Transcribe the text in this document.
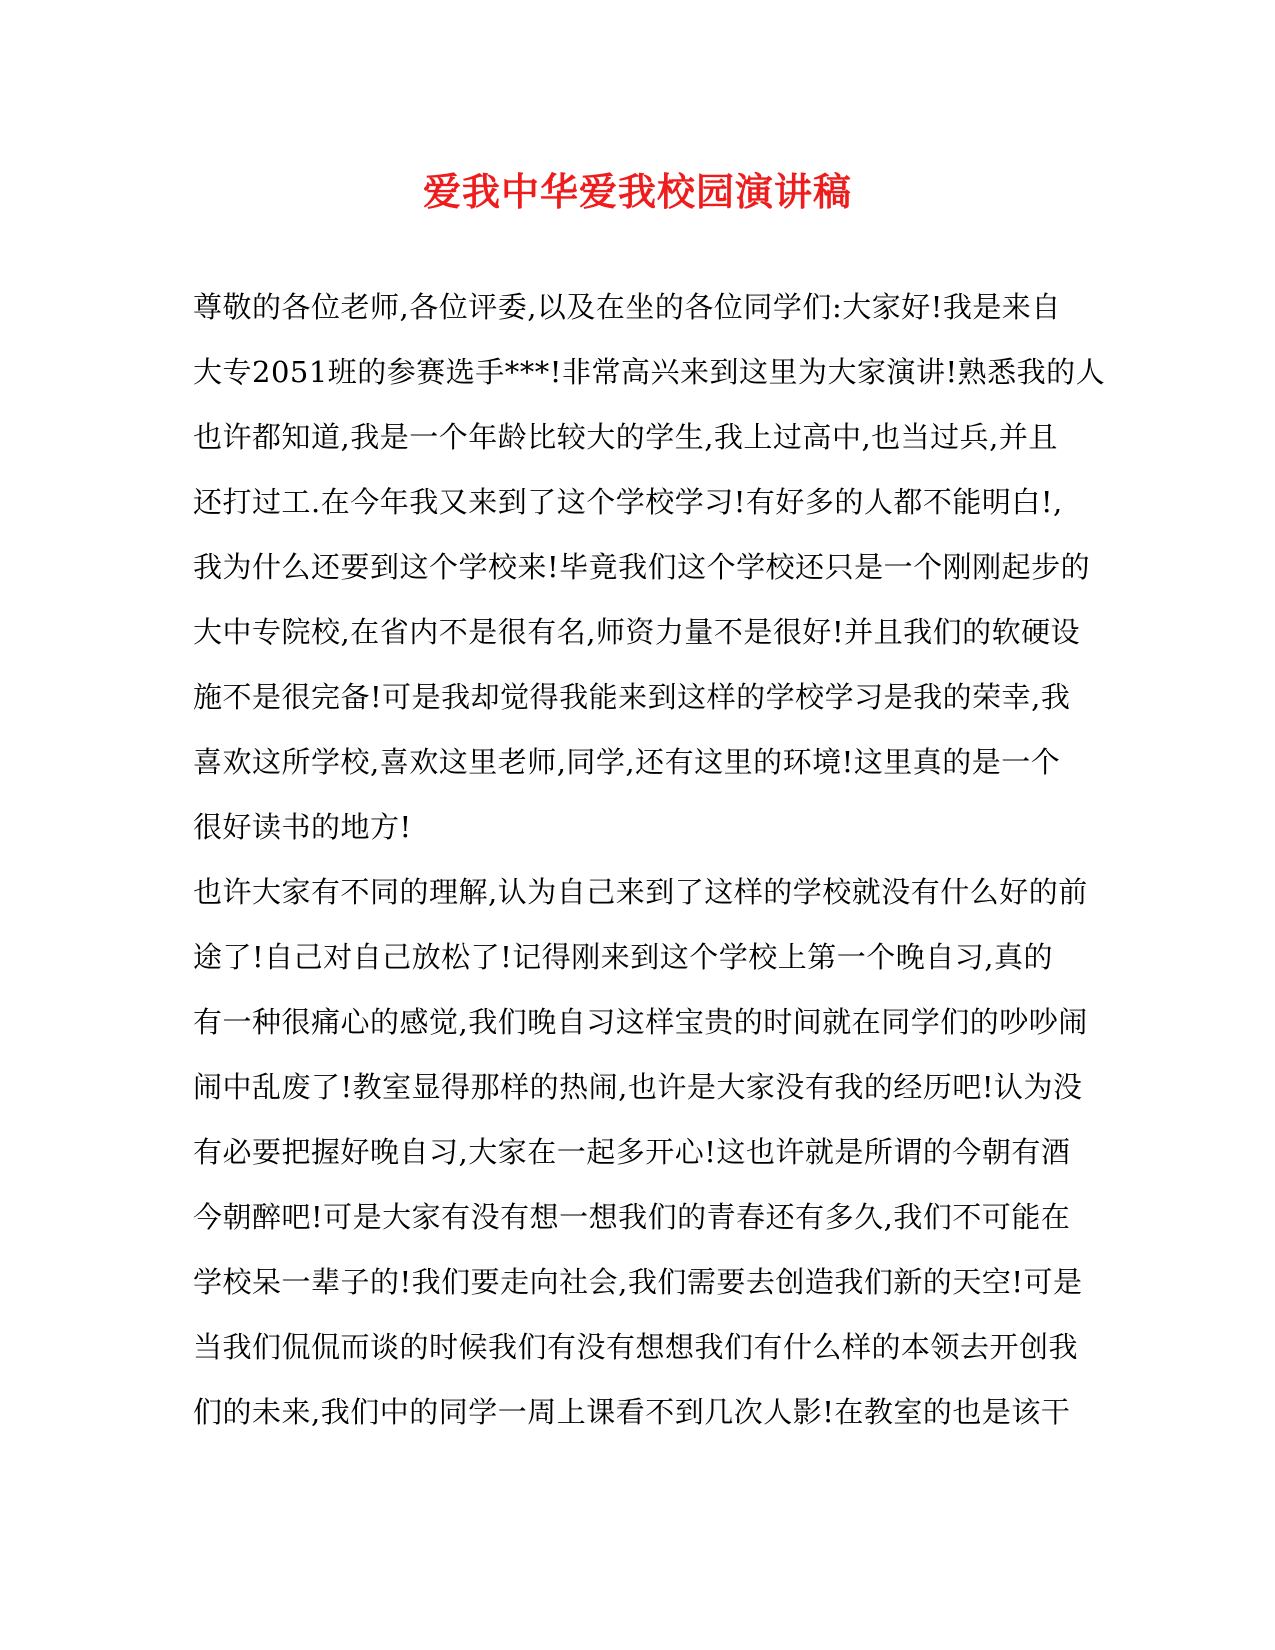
爱我中华爱我校园演讲稿
尊敬的各位老师,各位评委,以及在坐的各位同学们:大家好!我是来自
大专2051班的参赛选手***!非常高兴来到这里为大家演讲!熟悉我的人
也许都知道,我是一个年龄比较大的学生,我上过高中,也当过兵,并且
还打过工.在今年我又来到了这个学校学习!有好多的人都不能明白!,
我为什么还要到这个学校来!毕竟我们这个学校还只是一个刚刚起步的
大中专院校,在省内不是很有名,师资力量不是很好!并且我们的软硬设
施不是很完备!可是我却觉得我能来到这样的学校学习是我的荣幸,我
喜欢这所学校,喜欢这里老师,同学,还有这里的环境!这里真的是一个
很好读书的地方!
也许大家有不同的理解,认为自己来到了这样的学校就没有什么好的前
途了!自己对自己放松了!记得刚来到这个学校上第一个晚自习,真的
有一种很痛心的感觉,我们晚自习这样宝贵的时间就在同学们的吵吵闹
闹中乱废了!教室显得那样的热闹,也许是大家没有我的经历吧!认为没
有必要把握好晚自习,大家在一起多开心!这也许就是所谓的今朝有酒
今朝醉吧!可是大家有没有想一想我们的青春还有多久,我们不可能在
学校呆一辈子的!我们要走向社会,我们需要去创造我们新的天空!可是
当我们侃侃而谈的时候我们有没有想想我们有什么样的本领去开创我
们的未来,我们中的同学一周上课看不到几次人影!在教室的也是该干
